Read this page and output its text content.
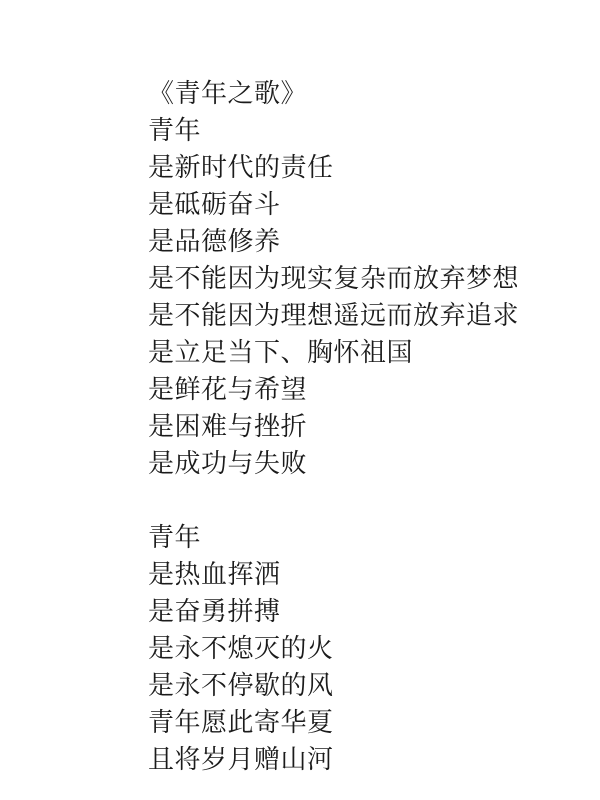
《青年之歌》
青年
是新时代的责任
是砥砺奋斗
是品德修养
是不能因为现实复杂而放弃梦想
是不能因为理想遥远而放弃追求
是立足当下、胸怀祖国
是鲜花与希望
是困难与挫折
是成功与失败
青年
是热血挥洒
是奋勇拼搏
是永不熄灭的火
是永不停歇的风
青年愿此寄华夏
且将岁月赠山河
